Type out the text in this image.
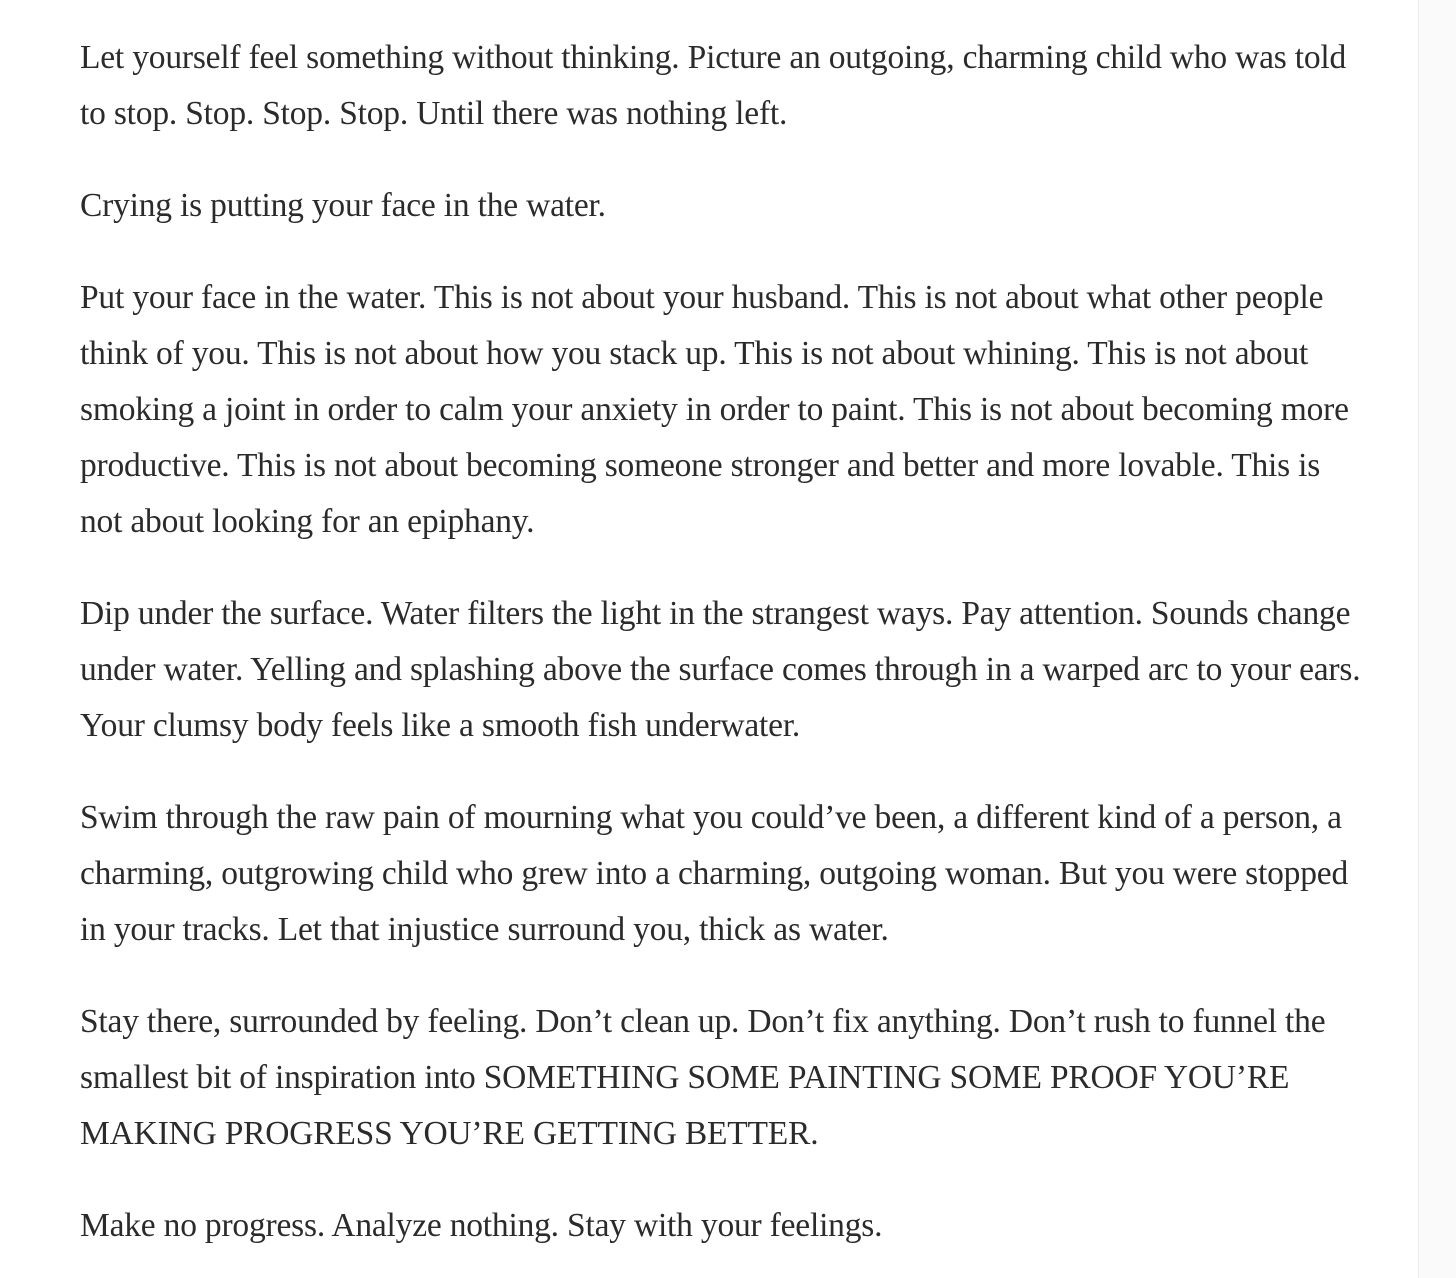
Let yourself feel something without thinking. Picture an outgoing, charming child who was told to stop. Stop. Stop. Stop. Until there was nothing left.

Crying is putting your face in the water.

Put your face in the water. This is not about your husband. This is not about what other people think of you. This is not about how you stack up. This is not about whining. This is not about smoking a joint in order to calm your anxiety in order to paint. This is not about becoming more productive. This is not about becoming someone stronger and better and more lovable. This is not about looking for an epiphany.

Dip under the surface. Water filters the light in the strangest ways. Pay attention. Sounds change under water. Yelling and splashing above the surface comes through in a warped arc to your ears. Your clumsy body feels like a smooth fish underwater.

Swim through the raw pain of mourning what you could’ve been, a different kind of a person, a charming, outgrowing child who grew into a charming, outgoing woman. But you were stopped in your tracks. Let that injustice surround you, thick as water.

Stay there, surrounded by feeling. Don’t clean up. Don’t fix anything. Don’t rush to funnel the smallest bit of inspiration into SOMETHING SOME PAINTING SOME PROOF YOU’RE MAKING PROGRESS YOU’RE GETTING BETTER.

Make no progress. Analyze nothing. Stay with your feelings.
